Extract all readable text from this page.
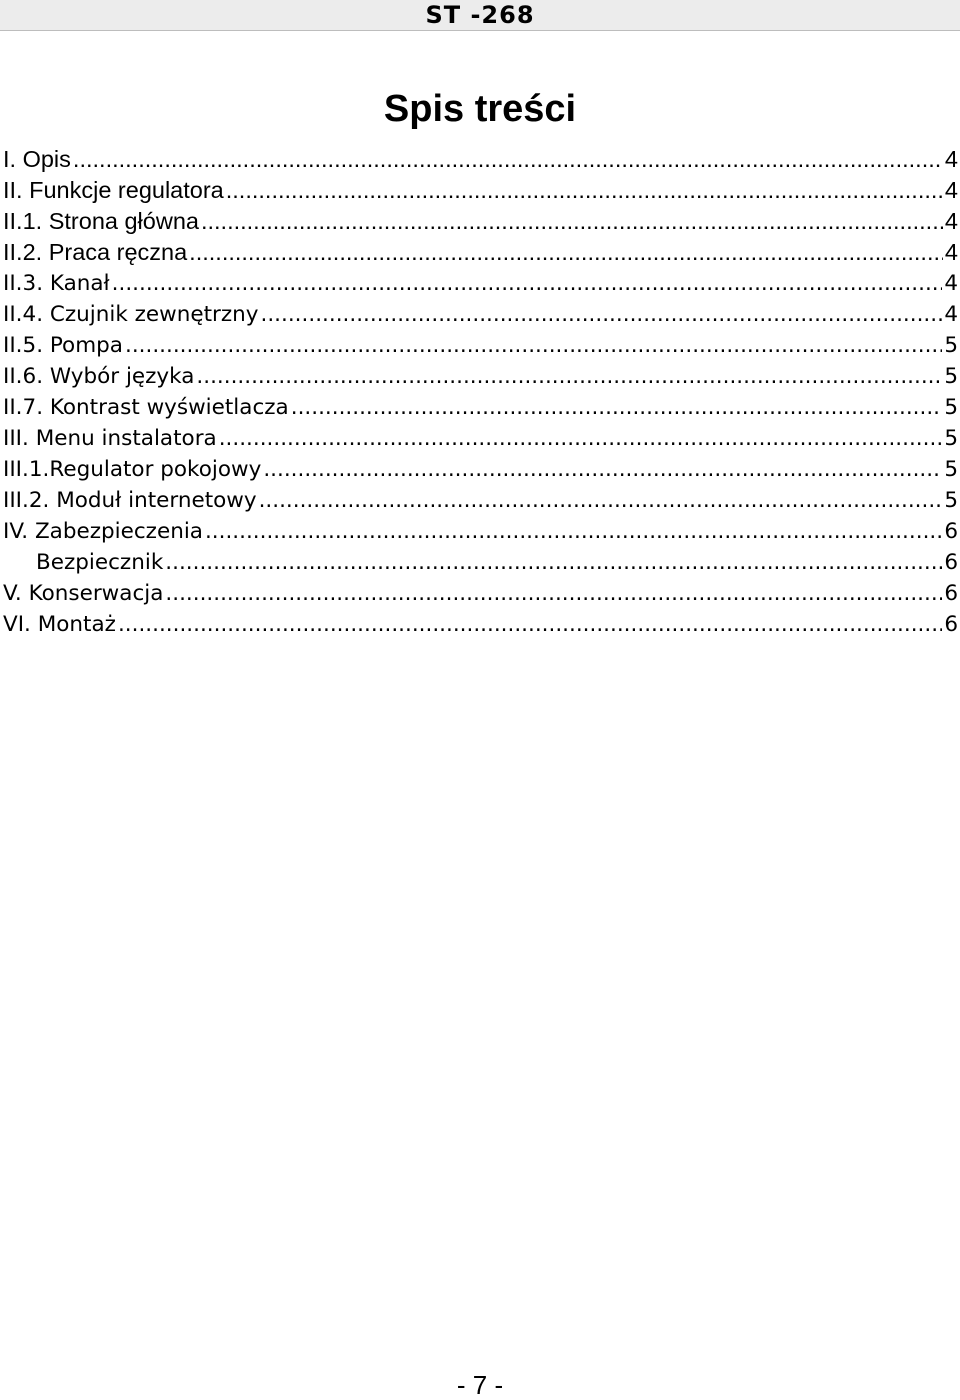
ST -268
Spis treści
I. Opis .....	4
II. Funkcje regulatora .....	4
II.1. Strona główna .....	4
II.2. Praca ręczna .....	4
II.3. Kanał .....	4
II.4. Czujnik zewnętrzny .....	4
II.5. Pompa .....	5
II.6. Wybór języka .....	5
II.7. Kontrast wyświetlacza .....	5
III. Menu instalatora .....	5
III.1.Regulator pokojowy .....	5
III.2. Moduł internetowy .....	5
IV. Zabezpieczenia .....	6
Bezpiecznik .....	6
V. Konserwacja .....	6
VI. Montaż .....	6
- 7 -
